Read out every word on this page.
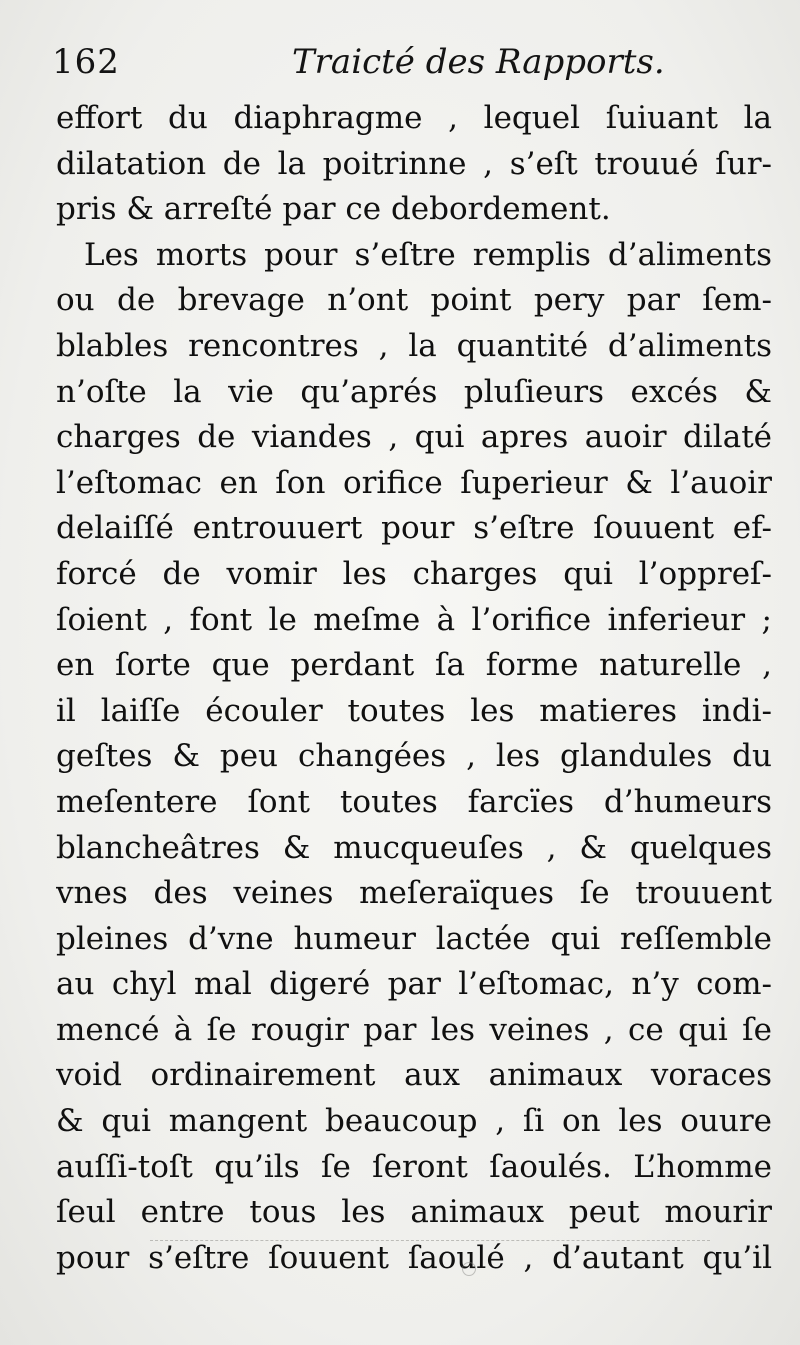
162	Traicté des Rapports.
effort du diaphragme , lequel ſuiuant la
dilatation de la poitrinne , s’eſt trouué ſur-
pris & arreſté par ce debordement.
Les morts pour s’eſtre remplis d’aliments
ou de brevage n’ont point pery par ſem-
blables rencontres , la quantité d’aliments
n’oſte la vie qu’aprés pluſieurs excés &
charges de viandes , qui apres auoir dilaté
l’eſtomac en ſon orifice ſuperieur & l’auoir
delaiſſé entrouuert pour s’eſtre ſouuent ef-
forcé de vomir les charges qui l’oppreſ-
ſoient , font le meſme à l’orifice inferieur ;
en ſorte que perdant ſa forme naturelle ,
il laiſſe écouler toutes les matieres indi-
geſtes & peu changées , les glandules du
meſentere ſont toutes farcïes d’humeurs
blancheâtres & mucqueuſes , & quelques
vnes des veines meſeraïques ſe trouuent
pleines d’vne humeur lactée qui reſſemble
au chyl mal digeré par l’eſtomac, n’y com-
mencé à ſe rougir par les veines , ce qui ſe
void ordinairement aux animaux voraces
& qui mangent beaucoup , ſi on les ouure
auſſi-toſt qu’ils ſe ſeront ſaoulés. L’homme
ſeul entre tous les animaux peut mourir
pour s’eſtre ſouuent ſaoulé , d’autant qu’il
